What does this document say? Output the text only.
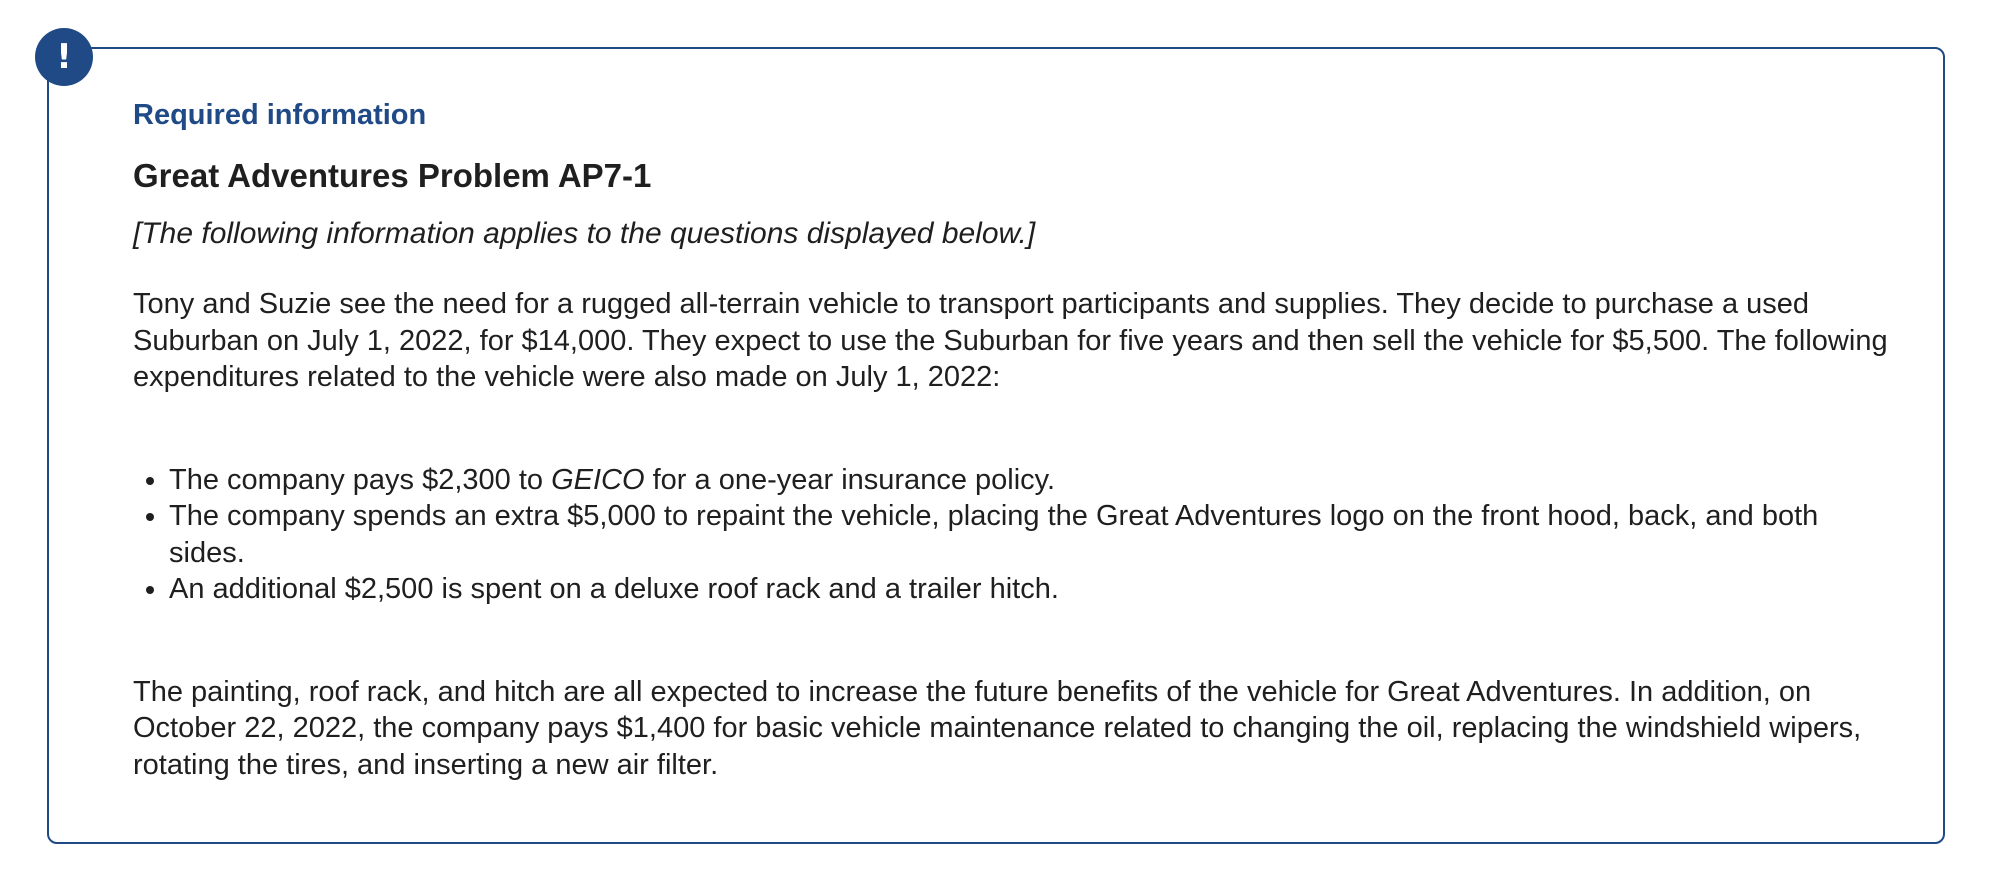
!
Required information
Great Adventures Problem AP7-1

[The following information applies to the questions displayed below.]

Tony and Suzie see the need for a rugged all-terrain vehicle to transport participants and supplies. They decide to purchase a used Suburban on July 1, 2022, for $14,000. They expect to use the Suburban for five years and then sell the vehicle for $5,500. The following expenditures related to the vehicle were also made on July 1, 2022:

• The company pays $2,300 to GEICO for a one-year insurance policy.
• The company spends an extra $5,000 to repaint the vehicle, placing the Great Adventures logo on the front hood, back, and both sides.
• An additional $2,500 is spent on a deluxe roof rack and a trailer hitch.

The painting, roof rack, and hitch are all expected to increase the future benefits of the vehicle for Great Adventures. In addition, on October 22, 2022, the company pays $1,400 for basic vehicle maintenance related to changing the oil, replacing the windshield wipers, rotating the tires, and inserting a new air filter.
